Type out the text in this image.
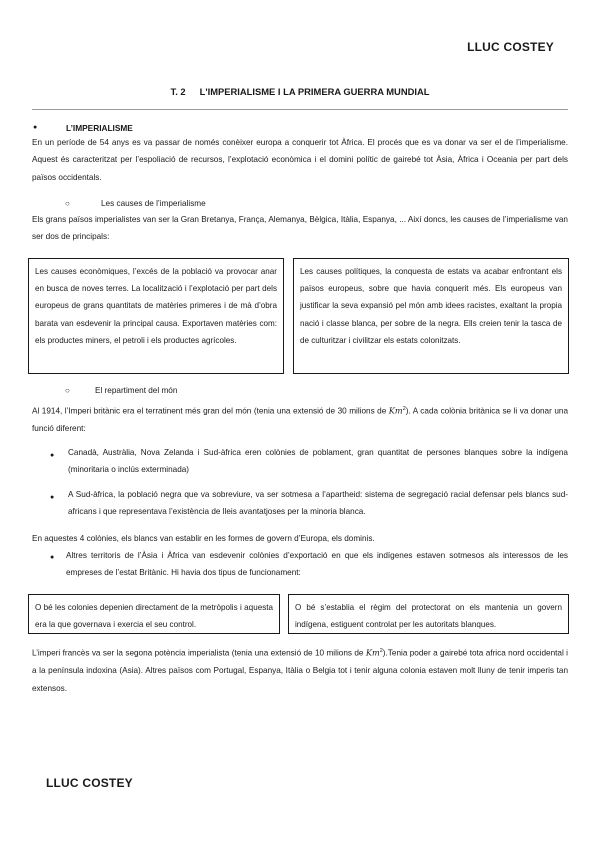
LLUC COSTEY
T. 2 L'IMPERIALISME I LA PRIMERA GUERRA MUNDIAL
●	L’IMPERIALISME

En un període de 54 anys es va passar de només conèixer europa a conquerir tot Àfrica. El procés que es va donar va ser el de l’imperialisme. Aquest és caracteritzat per l’espoliació de recursos, l’explotació econòmica i el domini polític de gairebé tot Àsia, Àfrica i Oceania per part dels països occidentals.

○	Les causes de l’imperialisme

Els grans països imperialistes van ser la Gran Bretanya, França, Alemanya, Bèlgica, Itàlia, Espanya, ... Així doncs, les causes de l’imperialisme van ser dos de principals:

Les causes econòmiques, l’excés de la població va provocar anar en busca de noves terres. La localització i l’explotació per part dels europeus de grans quantitats de matèries primeres i de mà d’obra barata van esdevenir la principal causa. Exportaven matèries com: els productes miners, el petroli i els productes agrícoles.

Les causes polítiques, la conquesta de estats va acabar enfrontant els països europeus, sobre que havia conquerit més. Els europeus van justificar la seva expansió pel món amb idees racistes, exaltant la propia nació i classe blanca, per sobre de la negra. Ells creien tenir la tasca de de culturitzar i civilitzar els estats colonitzats.

○	El repartiment del món

Al 1914, l’Imperi britànic era el terratinent més gran del món (tenia una extensió de 30 milions de Km$^2$). A cada colònia britànica se li va donar una funció diferent:

● Canadà, Austràlia, Nova Zelanda i Sud-àfrica eren colònies de poblament, gran quantitat de persones blanques sobre la indígena (minoritaria o inclús exterminada)

● A Sud-àfrica, la població negra que va sobreviure, va ser sotmesa a l’apartheid: sistema de segregació racial defensar pels blancs sud-africans i que representava l’existència de lleis avantatjoses per la minoria blanca.

En aquestes 4 colònies, els blancs van establir en les formes de govern d’Europa, els dominis.

● Altres territoris de l’Àsia i Àfrica van esdevenir colònies d’exportació en que els indígenes estaven sotmesos als interessos de les empreses de l’estat Britànic. Hi havia dos tipus de funcionament:

O bé les colonies depenien directament de la metròpolis i aquesta era la que governava i exercia el seu control.

O bé s’establia el règim del protectorat on els mantenia un govern indígena, estiguent controlat per les autoritats blanques.

L’imperi francès va ser la segona potència imperialista (tenia una extensió de 10 milions de Km$^2$).Tenia poder a gairebé tota africa nord occidental i a la península indoxina (Asia). Altres països com Portugal, Espanya, Itàlia o Belgia tot i tenir alguna colonia estaven molt lluny de tenir imperis tan extensos.

LLUC COSTEY
